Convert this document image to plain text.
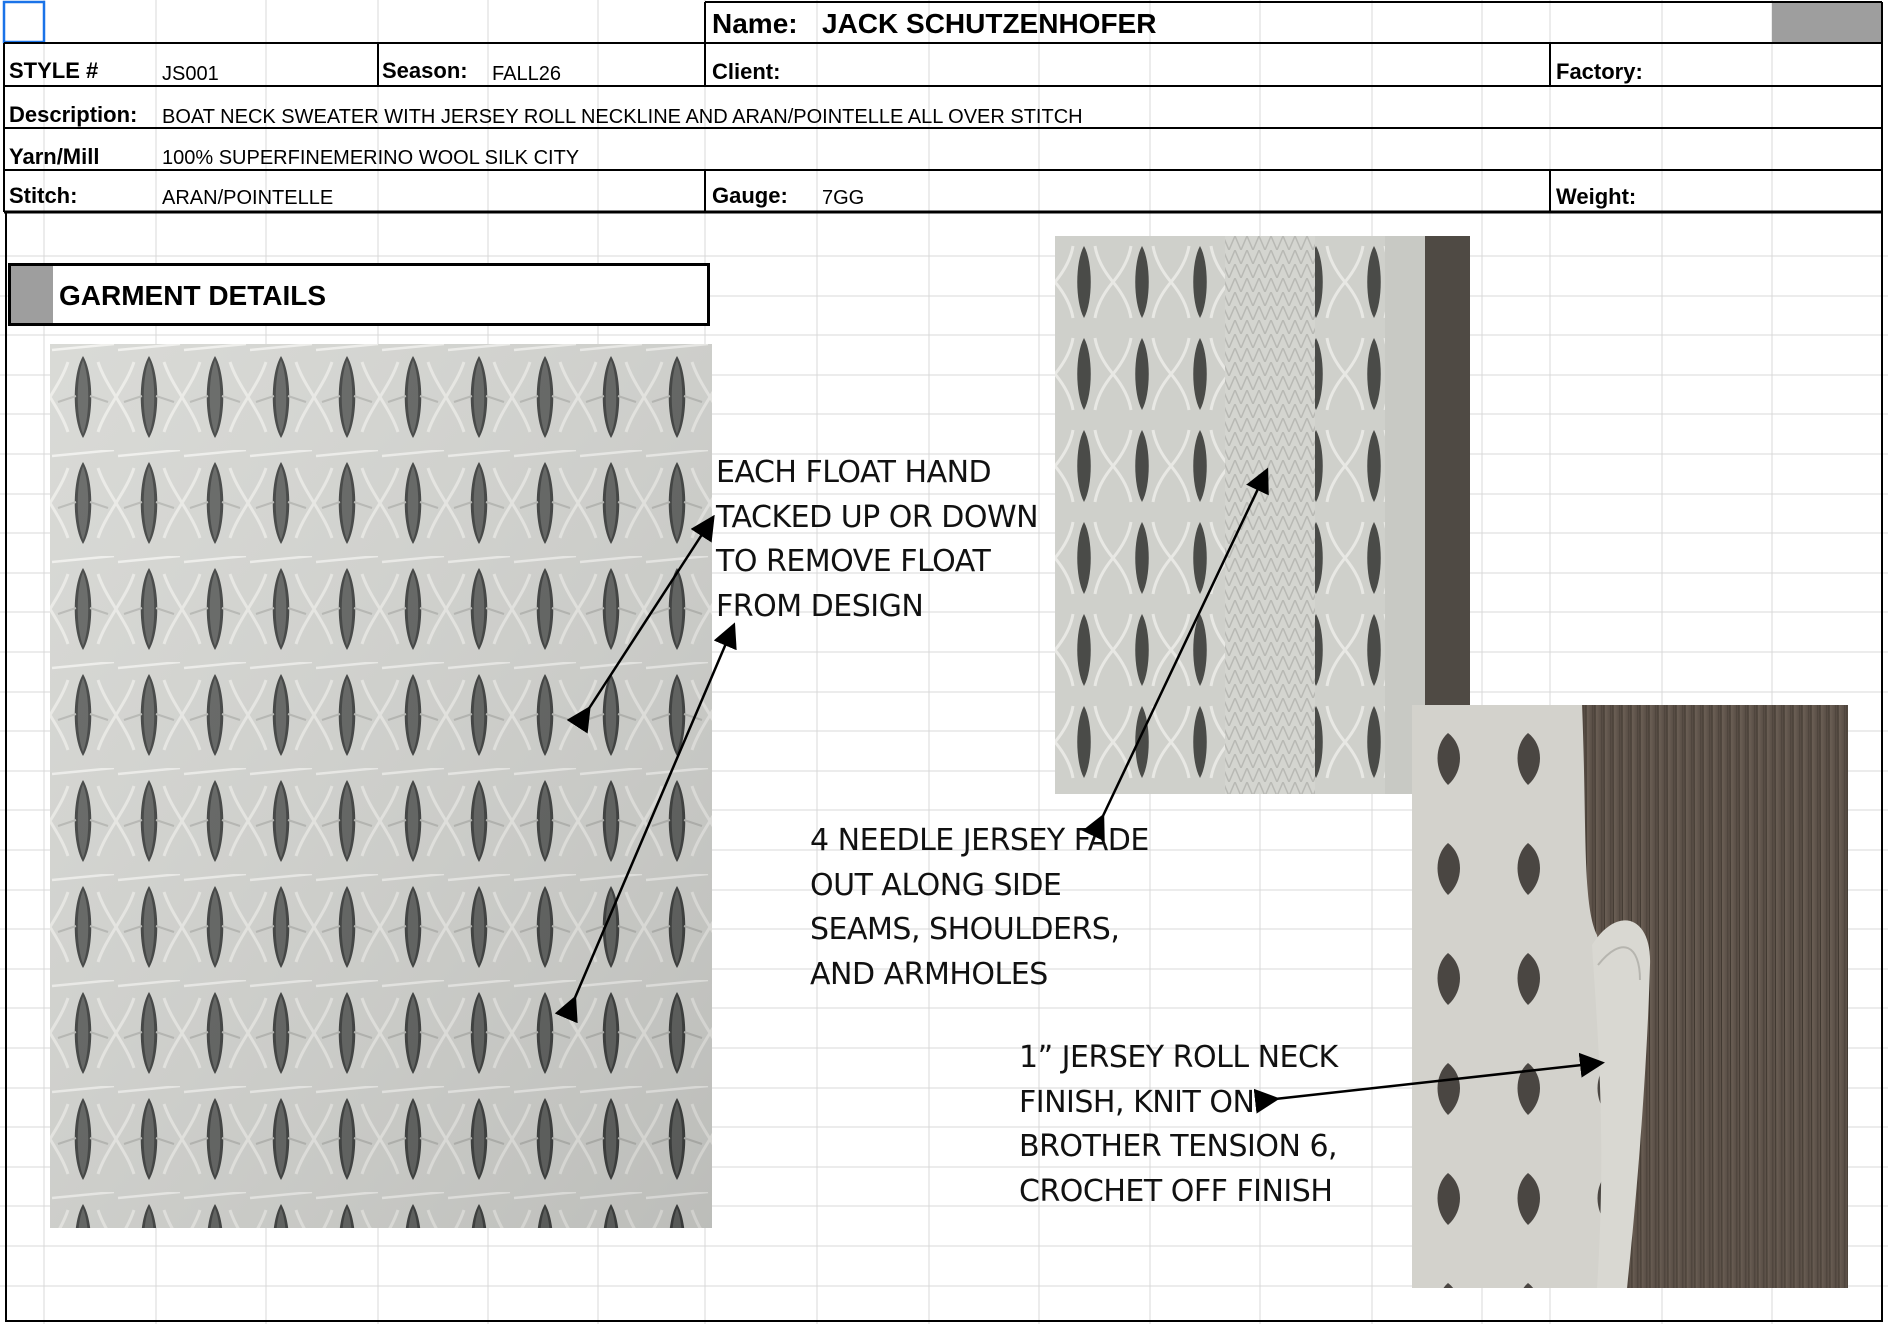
Name: JACK SCHUTZENHOFER
STYLE #	JS001	Season: FALL26	Client:	Factory:
Description: BOAT NECK SWEATER WITH JERSEY ROLL NECKLINE AND ARAN/POINTELLE ALL OVER STITCH
Yarn/Mill	100% SUPERFINEMERINO WOOL SILK CITY
Stitch:	ARAN/POINTELLE	Gauge: 7GG	Weight:
GARMENT DETAILS
EACH FLOAT HAND
TACKED UP OR DOWN
TO REMOVE FLOAT
FROM DESIGN
4 NEEDLE JERSEY FADE
OUT ALONG SIDE
SEAMS, SHOULDERS,
AND ARMHOLES
1” JERSEY ROLL NECK
FINISH, KNIT ON
BROTHER TENSION 6,
CROCHET OFF FINISH
